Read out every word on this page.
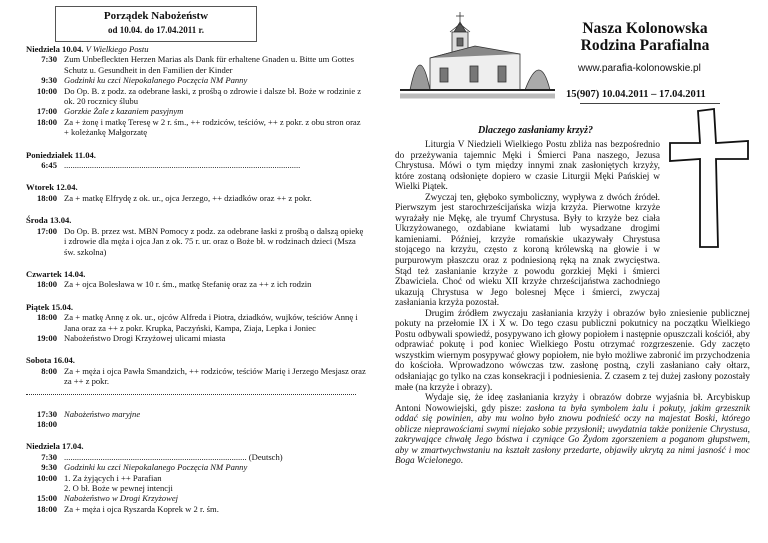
Porządek Nabożeństw
od 10.04. do 17.04.2011 r.
Niedziela 10.04. V Wielkiego Postu
7:30 Zum Unbefleckten Herzen Marias als Dank für erhaltene Gnaden u. Bitte um Gottes Schutz u. Gesundheit in den Familien der Kinder
9:30 Godzinki ku czci Niepokalanego Poczęcia NM Panny
10:00 Do Op. B. z podz. za odebrane łaski, z prośbą o zdrowie i dalsze bł. Boże w rodzinie z ok. 20 rocznicy ślubu
17:00 Gorzkie Żale z kazaniem pasyjnym
18:00 Za + żonę i matkę Teresę w 2 r. śm., ++ rodziców, teściów, ++ z pokr. z obu stron oraz + koleżankę Małgorzatę
Poniedziałek 11.04.
6:45 ..............................................................................................................
Wtorek 12.04.
18:00 Za + matkę Elfrydę z ok. ur., ojca Jerzego, ++ dziadków oraz ++ z pokr.
Środa 13.04.
17:00 Do Op. B. przez wst. MBN Pomocy z podz. za odebrane łaski z prośbą o dalszą opiekę i zdrowie dla męża i ojca Jan z ok. 75 r. ur. oraz o Boże bł. w rodzinach dzieci (Msza św. szkolna)
Czwartek 14.04.
18:00 Za + ojca Bolesława w 10 r. śm., matkę Stefanię oraz za ++ z ich rodzin
Piątek 15.04.
18:00 Za + matkę Annę z ok. ur., ojców Alfreda i Piotra, dziadków, wujków, teściów Annę i Jana oraz za ++ z pokr. Krupka, Paczyński, Kampa, Ziaja, Lepka i Joniec
19:00 Nabożeństwo Drogi Krzyżowej ulicami miasta
Sobota 16.04.
8:00 Za + męża i ojca Pawła Smandzich, ++ rodziców, teściów Marię i Jerzego Mesjasz oraz za ++ z pokr.
17:30 Nabożeństwo maryjne
18:00
Niedziela 17.04.
7:30 ..................................................................................... (Deutsch)
9:30 Godzinki ku czci Niepokalanego Poczęcia NM Panny
10:00 1. Za żyjących i ++ Parafian
2. O bł. Boże w pewnej intencji
15:00 Nabożeństwo w Drogi Krzyżowej
18:00 Za + męża i ojca Ryszarda Koprek w 2 r. śm.
Nasza Kolonowska
Rodzina Parafialna
www.parafia-kolonowskie.pl
15(907) 10.04.2011 – 17.04.2011
Dlaczego zasłaniamy krzyż?

Liturgia V Niedzieli Wielkiego Postu zbliża nas bezpośrednio do przeżywania tajemnic Męki i Śmierci Pana naszego, Jezusa Chrystusa. Mówi o tym między innymi znak zasłoniętych krzyży, które zostaną odsłonięte dopiero w czasie Liturgii Męki Pańskiej w Wielki Piątek.

Zwyczaj ten, głęboko symboliczny, wypływa z dwóch źródeł. Pierwszym jest starochrześcijańska wizja krzyża. Pierwotne krzyże wyrażały nie Mękę, ale tryumf Chrystusa. Były to krzyże bez ciała Ukrzyżowanego, ozdabiane kwiatami lub wysadzane drogimi kamieniami. Później, krzyże romańskie ukazywały Chrystusa stojącego na krzyżu, często z koroną królewską na głowie i w purpurowym płaszczu oraz z podniesioną ręką na znak zwycięstwa. Stąd też zasłanianie krzyże z powodu gorzkiej Męki i śmierci Zbawiciela. Choć od wieku XII krzyże chrześcijaństwa zachodniego ukazują Chrystusa w Jego bolesnej Męce i śmierci, zwyczaj zasłaniania krzyża pozostał.

Drugim źródłem zwyczaju zasłaniania krzyży i obrazów było zniesienie publicznej pokuty na przełomie IX i X w. Do tego czasu publiczni pokutnicy na początku Wielkiego Postu odbywali spowiedź, posypywano ich głowy popiołem i następnie opuszczali kościół, aby odprawiać pokutę i pod koniec Wielkiego Postu otrzymać rozgrzeszenie. Gdy zaczęto wszystkim wiernym posypywać głowy popiołem, nie było możliwe zabronić im przychodzenia do kościoła. Wprowadzono wówczas tzw. zasłonę postną, czyli zasłaniano cały ołtarz, odsłaniając go tylko na czas konsekracji i podniesienia. Z czasem z tej dużej zasłony pozostały małe (na krzyże i obrazy).

Wydaje się, że ideę zasłaniania krzyży i obrazów dobrze wyjaśnia bł. Arcybiskup Antoni Nowowiejski, gdy pisze: zasłona ta była symbolem żalu i pokuty, jakim grzesznik oddać się powinien, aby mu wolno było znowu podnieść oczy na majestat Boski, którego oblicze nieprawościami swymi niejako sobie przysłonił; uwydatnia także poniżenie Chrystusa, zakrywające chwałę Jego bóstwa i czyniące Go Żydom zgorszeniem a poganom głupstwem, aby w zmartwychwstaniu na kształt zasłony przedarte, objawiły ukrytą za nimi jasność i moc Boga Wcielonego.
